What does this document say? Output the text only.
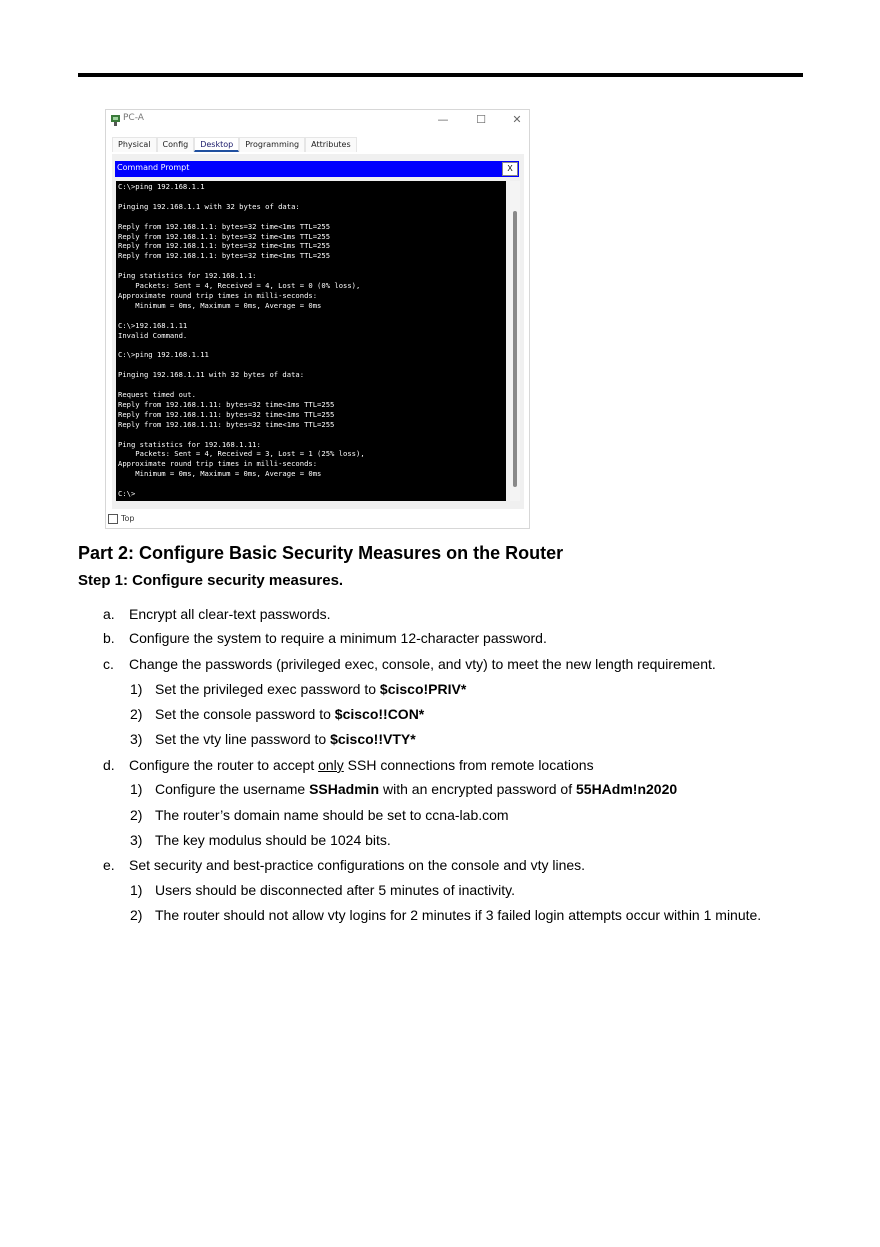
PC-A	—	☐	✕
Physical	Config	Desktop	Programming	Attributes
Command Prompt	X
C:\>ping 192.168.1.1

Pinging 192.168.1.1 with 32 bytes of data:

Reply from 192.168.1.1: bytes=32 time<1ms TTL=255
Reply from 192.168.1.1: bytes=32 time<1ms TTL=255
Reply from 192.168.1.1: bytes=32 time<1ms TTL=255
Reply from 192.168.1.1: bytes=32 time<1ms TTL=255

Ping statistics for 192.168.1.1:
Packets: Sent = 4, Received = 4, Lost = 0 (0% loss),
Approximate round trip times in milli-seconds:
Minimum = 0ms, Maximum = 0ms, Average = 0ms

C:\>192.168.1.11
Invalid Command.

C:\>ping 192.168.1.11

Pinging 192.168.1.11 with 32 bytes of data:

Request timed out.
Reply from 192.168.1.11: bytes=32 time<1ms TTL=255
Reply from 192.168.1.11: bytes=32 time<1ms TTL=255
Reply from 192.168.1.11: bytes=32 time<1ms TTL=255

Ping statistics for 192.168.1.11:
Packets: Sent = 4, Received = 3, Lost = 1 (25% loss),
Approximate round trip times in milli-seconds:
Minimum = 0ms, Maximum = 0ms, Average = 0ms

C:\>
Top
Part 2: Configure Basic Security Measures on the Router
Step 1: Configure security measures.
a. Encrypt all clear-text passwords.
b. Configure the system to require a minimum 12-character password.
c. Change the passwords (privileged exec, console, and vty) to meet the new length requirement.
1) Set the privileged exec password to $cisco!PRIV*
2) Set the console password to $cisco!!CON*
3) Set the vty line password to $cisco!!VTY*
d. Configure the router to accept only SSH connections from remote locations
1) Configure the username SSHadmin with an encrypted password of 55HAdm!n2020
2) The router’s domain name should be set to ccna-lab.com
3) The key modulus should be 1024 bits.
e. Set security and best-practice configurations on the console and vty lines.
1) Users should be disconnected after 5 minutes of inactivity.
2) The router should not allow vty logins for 2 minutes if 3 failed login attempts occur within 1 minute.
